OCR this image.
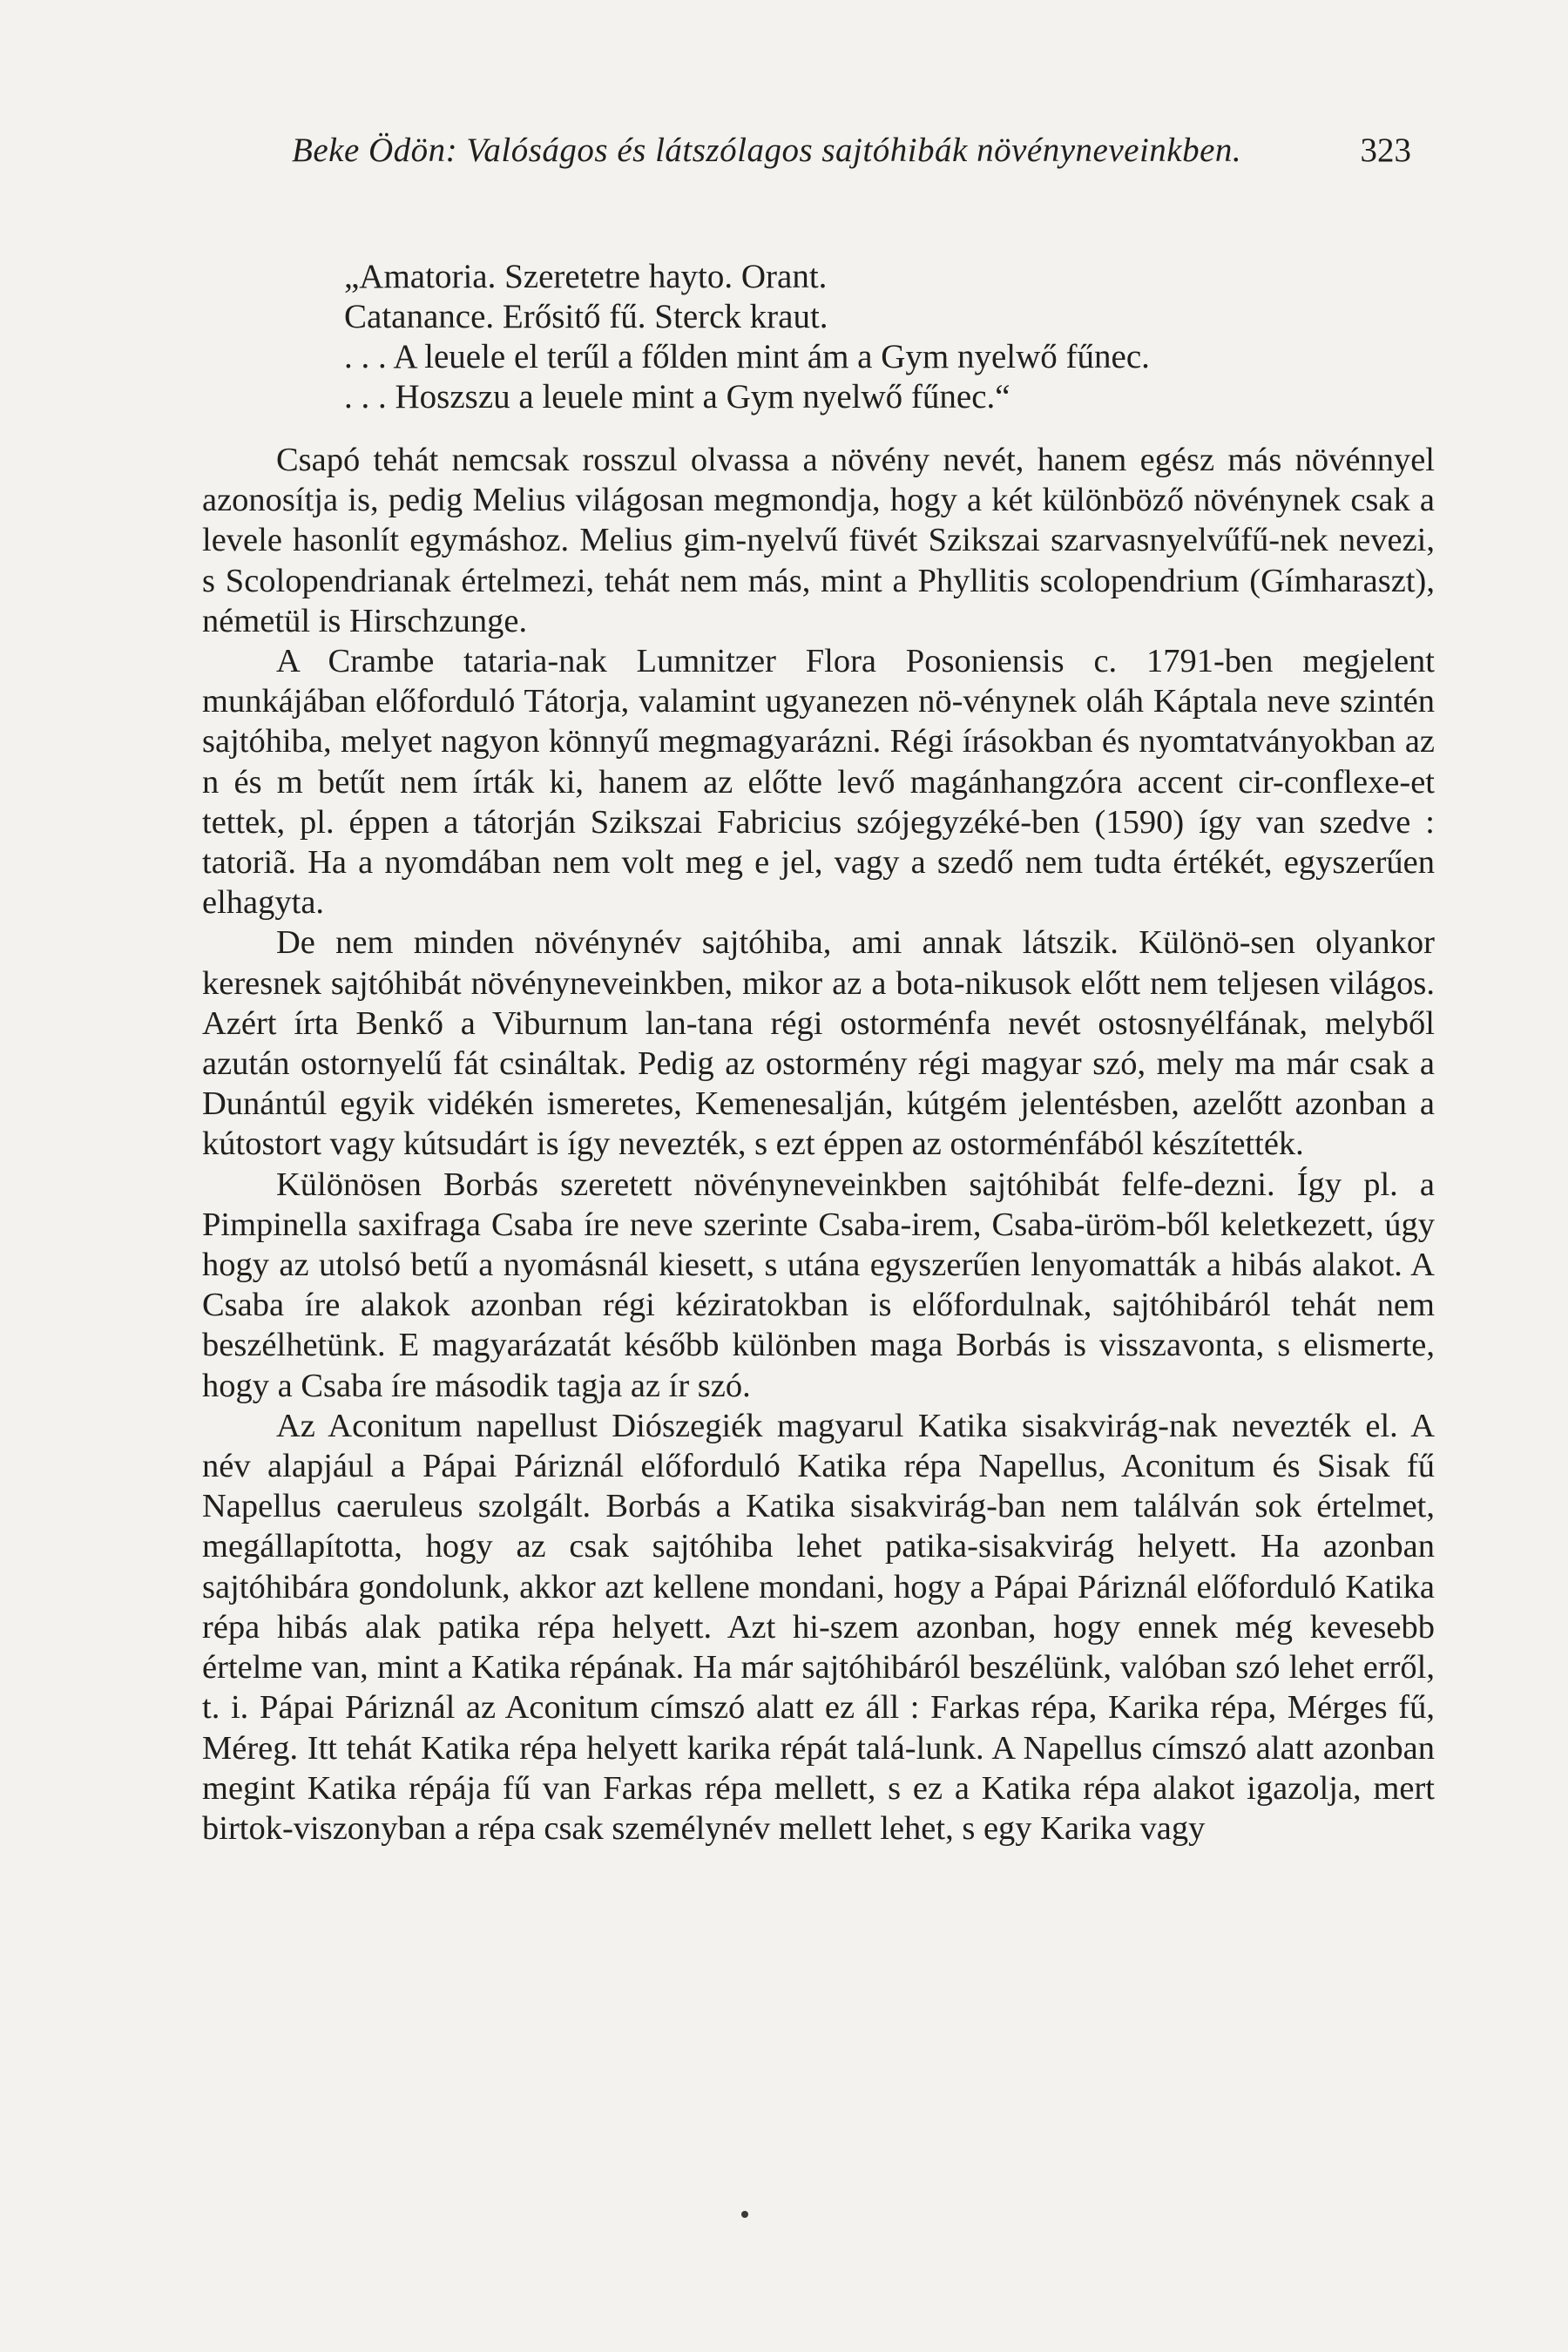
Beke Ödön: Valóságos és látszólagos sajtóhibák növényneveinkben.	323
„Amatoria. Szeretetre hayto. Orant.
Catanance. Erősitő fű. Sterck kraut.
. . . A leuele el terűl a főlden mint ám a Gym nyelwő fűnec.
. . . Hoszszu a leuele mint a Gym nyelwő fűnec.“

Csapó tehát nemcsak rosszul olvassa a növény nevét, hanem egész más növénnyel azonosítja is, pedig Melius világosan megmondja, hogy a két különböző növénynek csak a levele hasonlít egymáshoz. Melius gim-nyelvű füvét Szikszai szarvasnyelvűfű-nek nevezi, s Scolopendrianak értelmezi, tehát nem más, mint a Phyllitis scolopendrium (Gímharaszt), németül is Hirschzunge.

A Crambe tataria-nak Lumnitzer Flora Posoniensis c. 1791-ben megjelent munkájában előforduló Tátorja, valamint ugyanezen nö-vénynek oláh Káptala neve szintén sajtóhiba, melyet nagyon könnyű megmagyarázni. Régi írásokban és nyomtatványokban az n és m betűt nem írták ki, hanem az előtte levő magánhangzóra accent cir-conflexe-et tettek, pl. éppen a tátorján Szikszai Fabricius szójegyzéké-ben (1590) így van szedve : tatoriã. Ha a nyomdában nem volt meg e jel, vagy a szedő nem tudta értékét, egyszerűen elhagyta.

De nem minden növénynév sajtóhiba, ami annak látszik. Különö-sen olyankor keresnek sajtóhibát növényneveinkben, mikor az a bota-nikusok előtt nem teljesen világos. Azért írta Benkő a Viburnum lan-tana régi ostorménfa nevét ostosnyélfának, melyből azután ostornyelű fát csináltak. Pedig az ostormény régi magyar szó, mely ma már csak a Dunántúl egyik vidékén ismeretes, Kemenesalján, kútgém jelentésben, azelőtt azonban a kútostort vagy kútsudárt is így nevezték, s ezt éppen az ostorménfából készítették.

Különösen Borbás szeretett növényneveinkben sajtóhibát felfe-dezni. Így pl. a Pimpinella saxifraga Csaba íre neve szerinte Csaba-irem, Csaba-üröm-ből keletkezett, úgy hogy az utolsó betű a nyomásnál kiesett, s utána egyszerűen lenyomatták a hibás alakot. A Csaba íre alakok azonban régi kéziratokban is előfordulnak, sajtóhibáról tehát nem beszélhetünk. E magyarázatát később különben maga Borbás is visszavonta, s elismerte, hogy a Csaba íre második tagja az ír szó.

Az Aconitum napellust Diószegiék magyarul Katika sisakvirág-nak nevezték el. A név alapjául a Pápai Páriznál előforduló Katika répa Napellus, Aconitum és Sisak fű Napellus caeruleus szolgált. Borbás a Katika sisakvirág-ban nem találván sok értelmet, megállapította, hogy az csak sajtóhiba lehet patika-sisakvirág helyett. Ha azonban sajtóhibára gondolunk, akkor azt kellene mondani, hogy a Pápai Páriznál előforduló Katika répa hibás alak patika répa helyett. Azt hi-szem azonban, hogy ennek még kevesebb értelme van, mint a Katika répának. Ha már sajtóhibáról beszélünk, valóban szó lehet erről, t. i. Pápai Páriznál az Aconitum címszó alatt ez áll : Farkas répa, Karika répa, Mérges fű, Méreg. Itt tehát Katika répa helyett karika répát talá-lunk. A Napellus címszó alatt azonban megint Katika répája fű van Farkas répa mellett, s ez a Katika répa alakot igazolja, mert birtok-viszonyban a répa csak személynév mellett lehet, s egy Karika vagy
